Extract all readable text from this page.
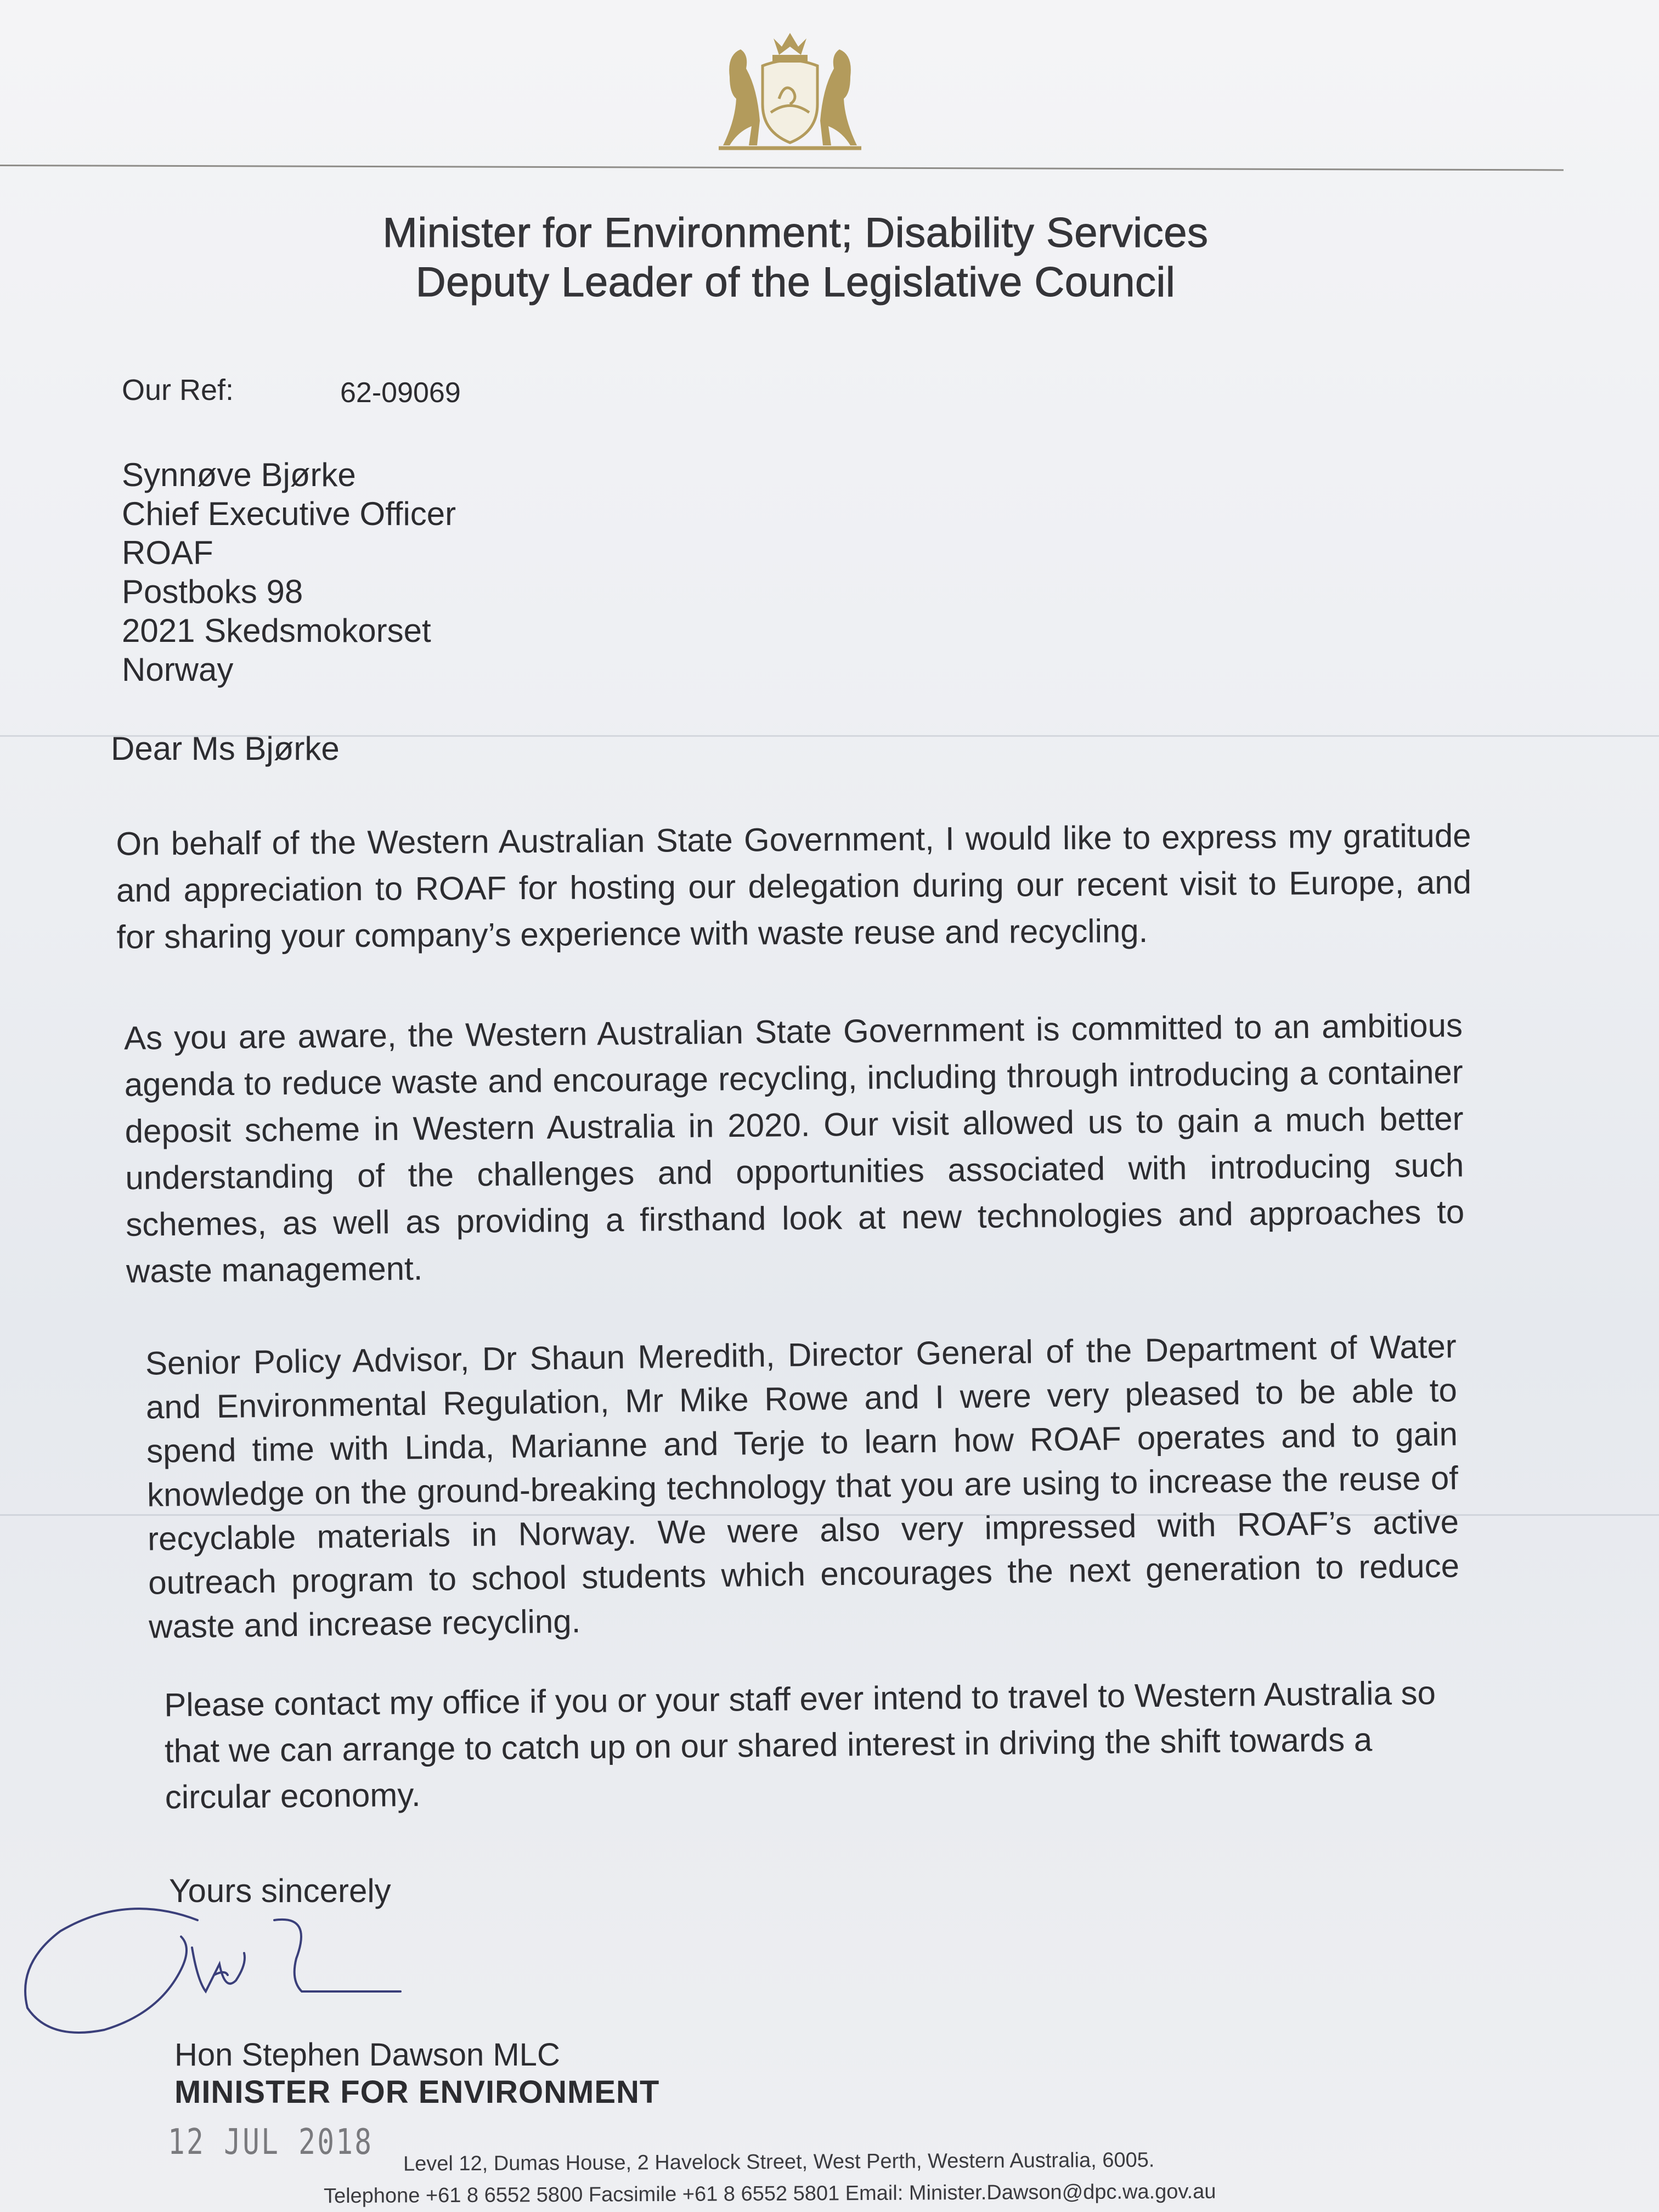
Minister for Environment; Disability Services
Deputy Leader of the Legislative Council
Our Ref:	62-09069
Synnøve Bjørke
Chief Executive Officer
ROAF
Postboks 98
2021 Skedsmokorset
Norway
Dear Ms Bjørke
On behalf of the Western Australian State Government, I would like to express my gratitude and appreciation to ROAF for hosting our delegation during our recent visit to Europe, and for sharing your company’s experience with waste reuse and recycling.
As you are aware, the Western Australian State Government is committed to an ambitious agenda to reduce waste and encourage recycling, including through introducing a container deposit scheme in Western Australia in 2020. Our visit allowed us to gain a much better understanding of the challenges and opportunities associated with introducing such schemes, as well as providing a firsthand look at new technologies and approaches to waste management.
Senior Policy Advisor, Dr Shaun Meredith, Director General of the Department of Water and Environmental Regulation, Mr Mike Rowe and I were very pleased to be able to spend time with Linda, Marianne and Terje to learn how ROAF operates and to gain knowledge on the ground-breaking technology that you are using to increase the reuse of recyclable materials in Norway. We were also very impressed with ROAF’s active outreach program to school students which encourages the next generation to reduce waste and increase recycling.
Please contact my office if you or your staff ever intend to travel to Western Australia so that we can arrange to catch up on our shared interest in driving the shift towards a circular economy.
Yours sincerely
Hon Stephen Dawson MLC
MINISTER FOR ENVIRONMENT
12 JUL 2018 Level 12, Dumas House, 2 Havelock Street, West Perth, Western Australia, 6005.
Telephone +61 8 6552 5800 Facsimile +61 8 6552 5801 Email: Minister.Dawson@dpc.wa.gov.au
